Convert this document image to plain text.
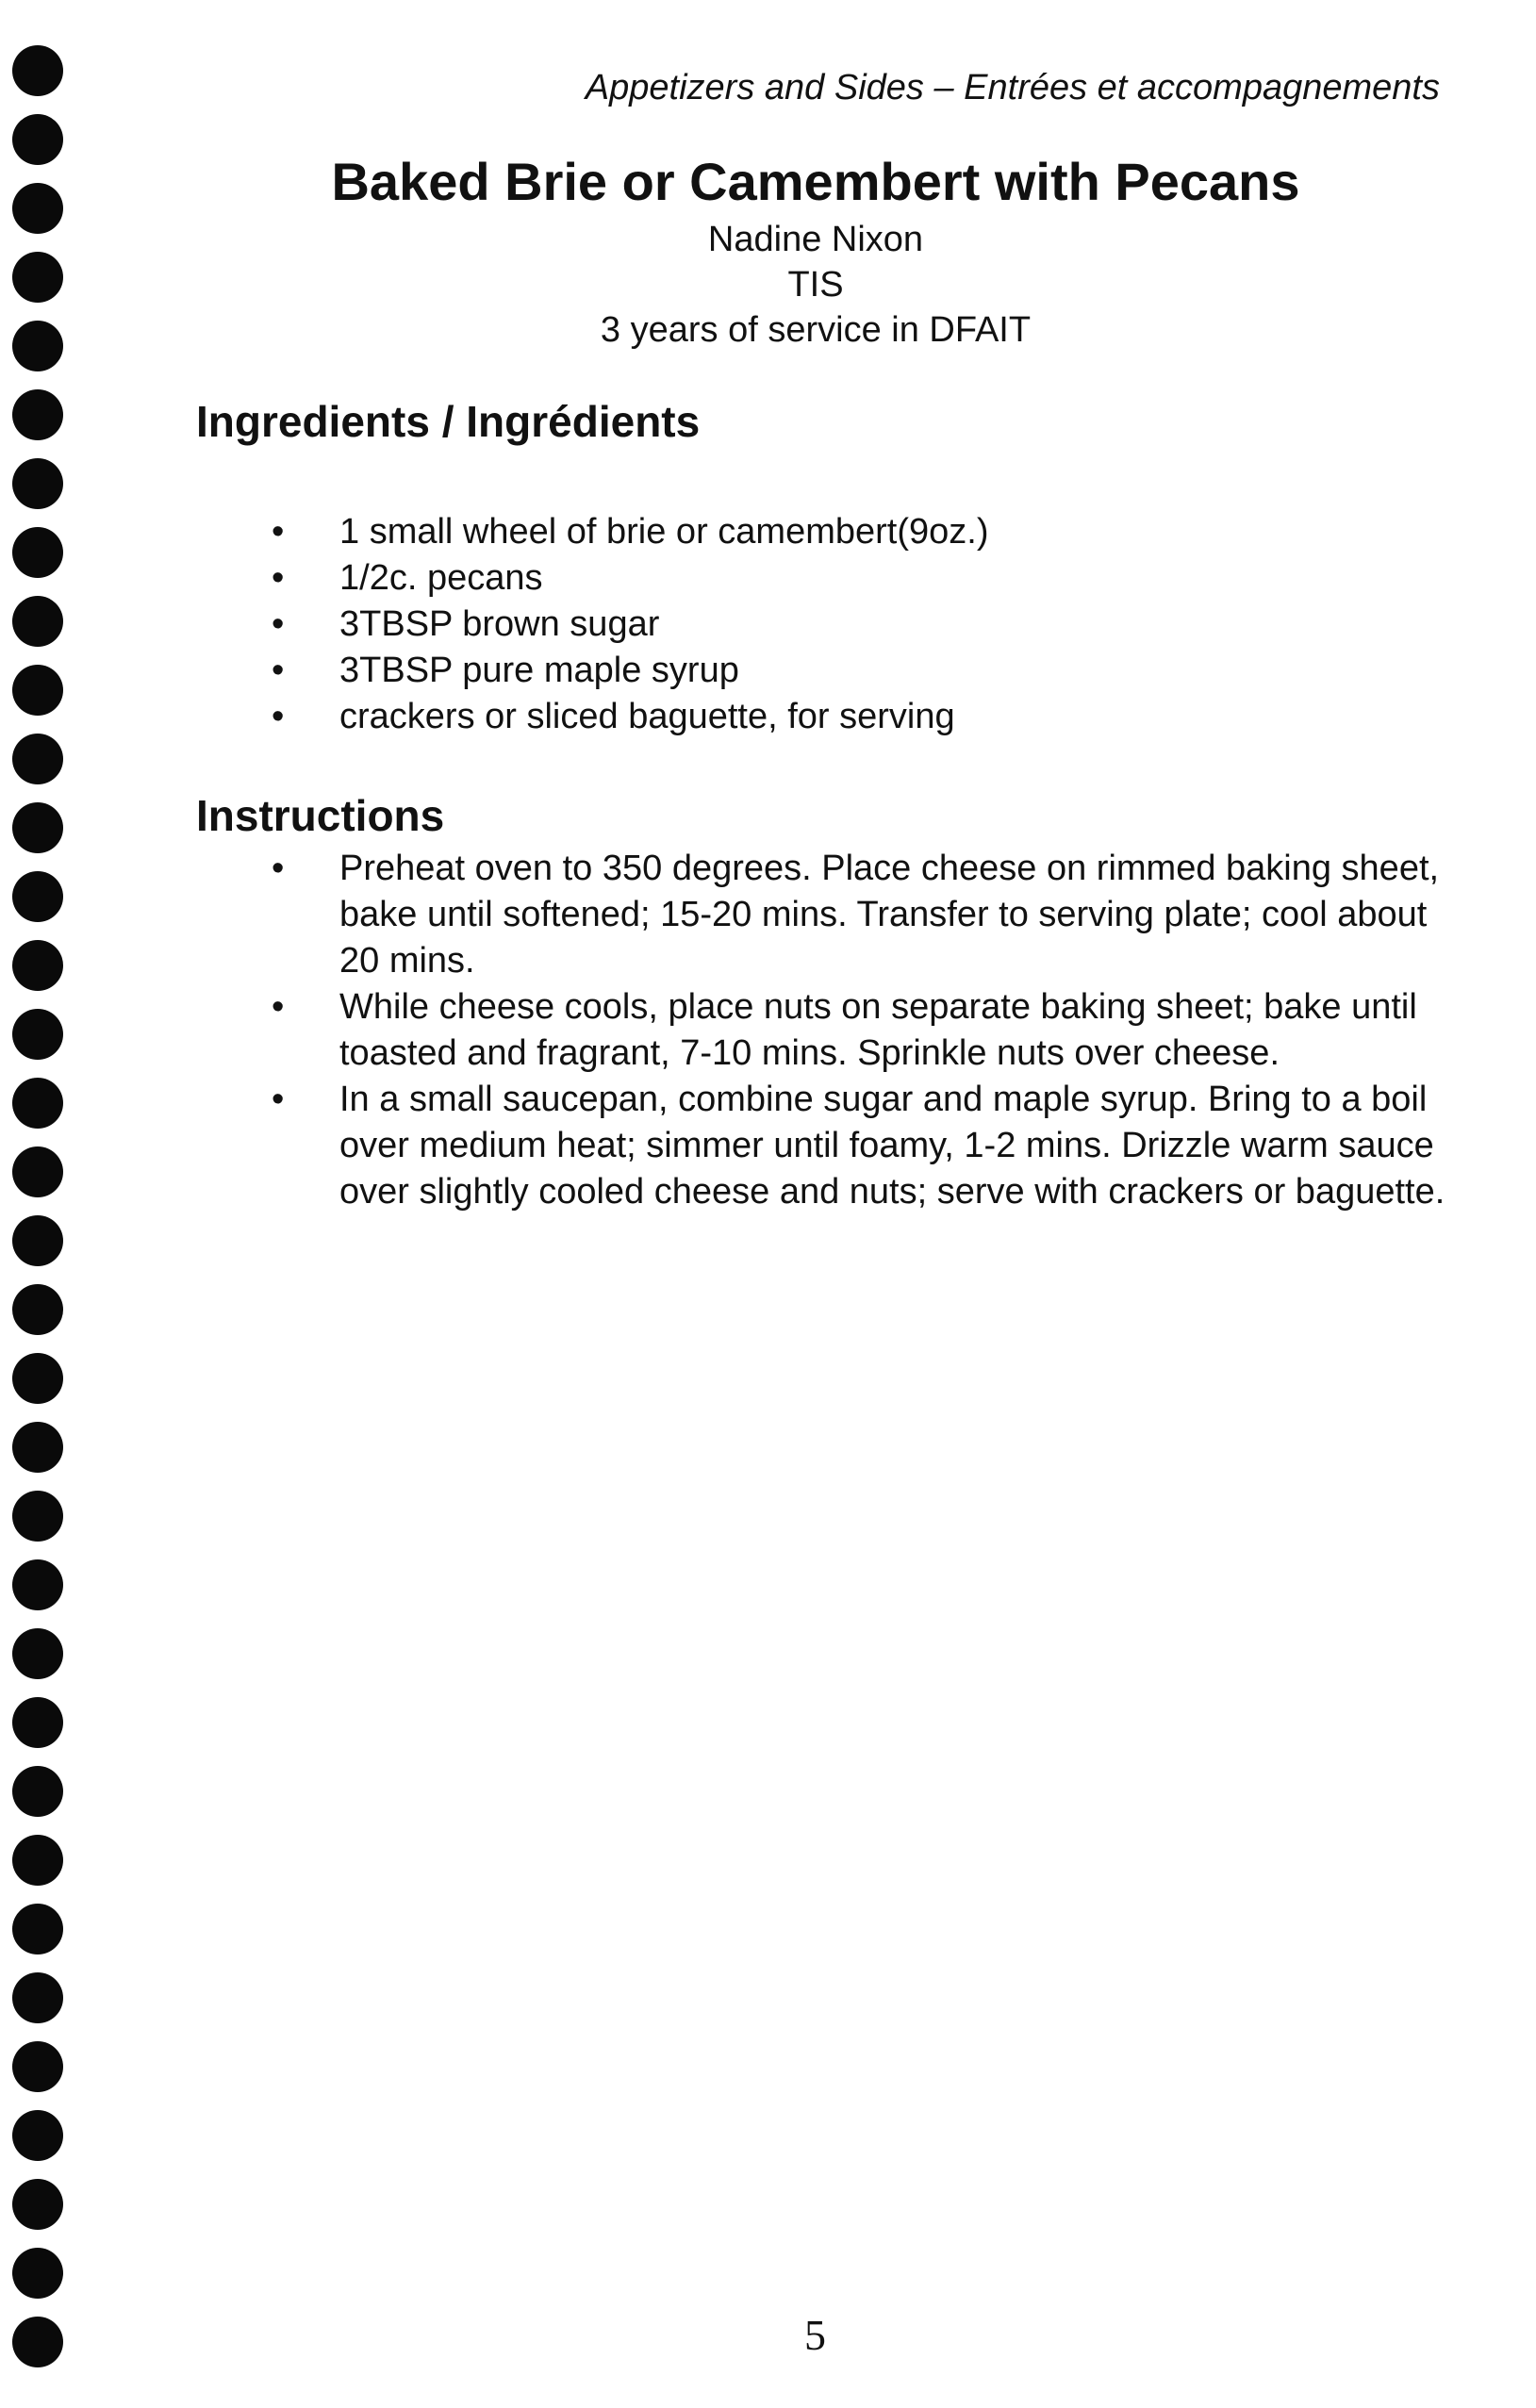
Appetizers and Sides – Entrées et accompagnements
Baked Brie or Camembert with Pecans

Nadine Nixon

TIS

3 years of service in DFAIT

Ingredients / Ingrédients
• 1 small wheel of brie or camembert(9oz.)
• 1/2c. pecans
• 3TBSP brown sugar
• 3TBSP pure maple syrup
• crackers or sliced baguette, for serving
Instructions
• Preheat oven to 350 degrees. Place cheese on rimmed baking sheet, bake until softened; 15-20 mins. Transfer to serving plate; cool about 20 mins.
• While cheese cools, place nuts on separate baking sheet; bake until toasted and fragrant, 7-10 mins. Sprinkle nuts over cheese.
• In a small saucepan, combine sugar and maple syrup. Bring to a boil over medium heat; simmer until foamy, 1-2 mins. Drizzle warm sauce over slightly cooled cheese and nuts; serve with crackers or baguette.
5
